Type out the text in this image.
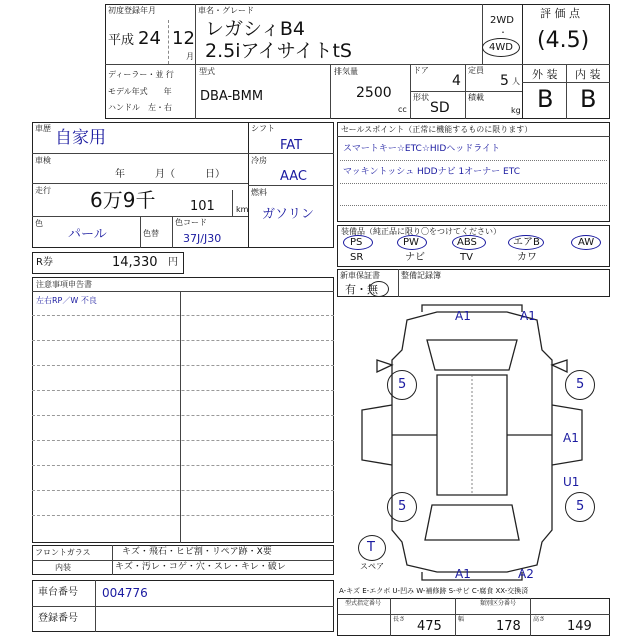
初度登録年月
平成 24 12
月
車名・グレード
レガシィB4
2.5iアイサイトtS
2WD
・
4WD
評 価 点
(4.5)
ディーラー・並 行
モデル年式　　年
ハンドル　左・右
型式
DBA-BMM
排気量
2500
cc
ドア
4
形状
SD
定員
5 人
積載
kg
外 装 内 装
B B
車歴 自家用
車検
年　　　月（　　　日）
走行 6万9千	101	km
色
パール	色替
色コード
37J/J30
シフト
FAT
冷房
AAC
燃料
ガソリン
R券	14,330 円
セールスポイント（正常に機能するものに限ります）
スマートキー☆ETC☆HIDヘッドライト
マッキントッシュ HDDナビ 1オーナー ETC
装備品（純正品に限り〇をつけてください）
PS	PW	ABS	エアB	AW
SR	ナビ	TV	カワ
新車保証書	整備記録簿
有・無
注意事項申告書
左右RP／W 不良
A1	A1
A1
U1
A1	A2
5	5
5	5
T
スペア
A-キズ E-エクボ U-凹み W-補修跡 S-サビ C-腐食 XX-交換済
フロントガラス	キズ・飛石・ヒビ割・リペア跡・X要
内装	キズ・汚レ・コゲ・穴・スレ・キレ・破レ
車台番号 004776
登録番号
型式指定番号	類別区分番号
長さ	幅	高さ
475	178	149
